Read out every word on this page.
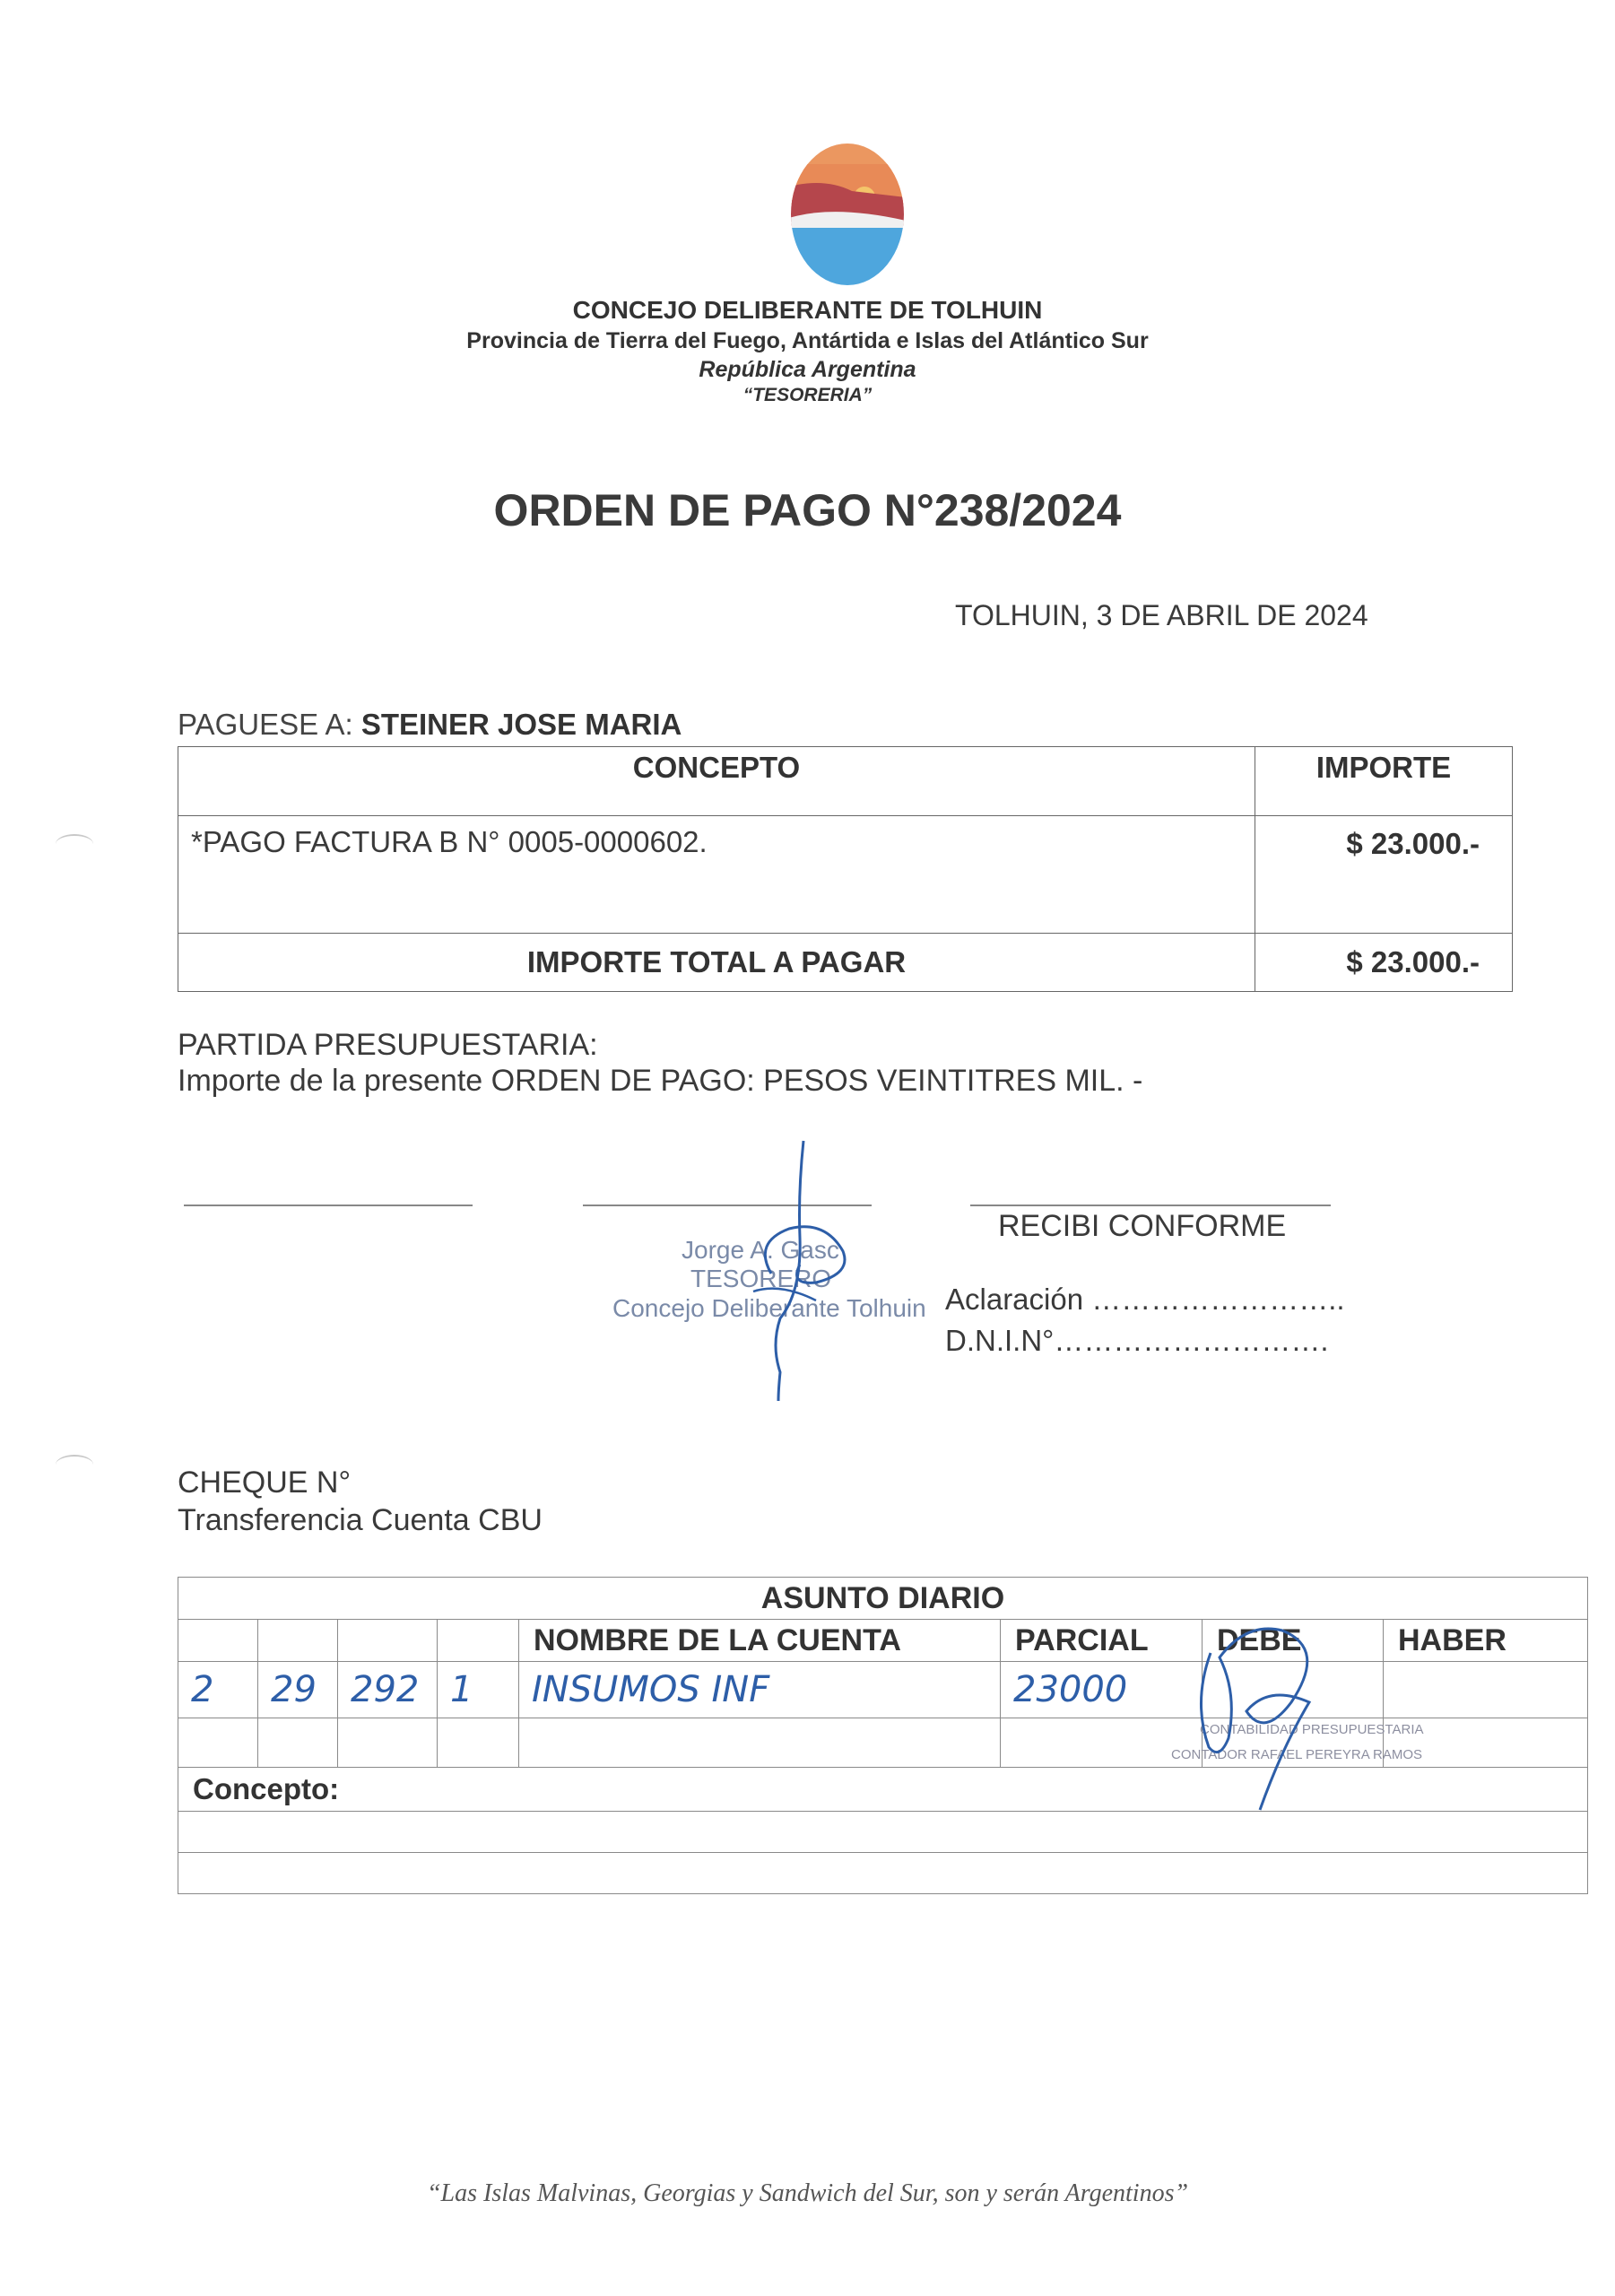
CONCEJO DELIBERANTE DE TOLHUIN
Provincia de Tierra del Fuego, Antártida e Islas del Atlántico Sur
República Argentina
“TESORERIA”
ORDEN DE PAGO N°238/2024
TOLHUIN, 3 DE ABRIL DE 2024
PAGUESE A: STEINER JOSE MARIA
CONCEPTO	IMPORTE
*PAGO FACTURA B N° 0005-0000602.	$ 23.000.-
IMPORTE TOTAL A PAGAR	$ 23.000.-
PARTIDA PRESUPUESTARIA:
Importe de la presente ORDEN DE PAGO: PESOS VEINTITRES MIL. -
Jorge A. Gasc
TESORERO
Concejo Deliberante Tolhuin
RECIBI CONFORME
Aclaración ……………………..
D.N.I.N°……………………….
CHEQUE N°
Transferencia Cuenta CBU
ASUNTO DIARIO							
				NOMBRE DE LA CUENTA	PARCIAL	DEBE	HABER
2	29	292	1	INSUMOS INF	23000		

Concepto:							

CONTABILIDAD PRESUPUESTARIA
CONTADOR RAFAEL PEREYRA RAMOS
“Las Islas Malvinas, Georgias y Sandwich del Sur, son y serán Argentinos”
